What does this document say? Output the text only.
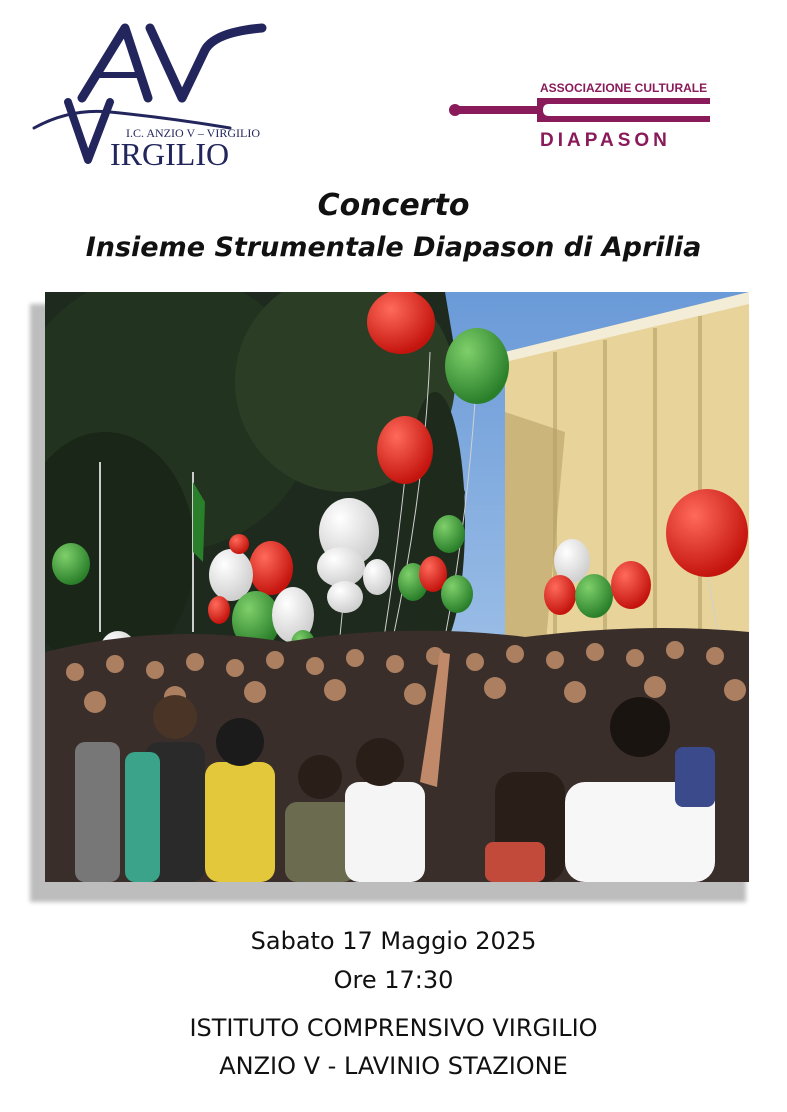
I.C. ANZIO V – VIRGILIO
IRGILIO
ASSOCIAZIONE CULTURALE
DIAPASON
Concerto
Insieme Strumentale Diapason di Aprilia
Sabato 17 Maggio 2025
Ore 17:30
ISTITUTO COMPRENSIVO VIRGILIO
ANZIO V - LAVINIO STAZIONE
